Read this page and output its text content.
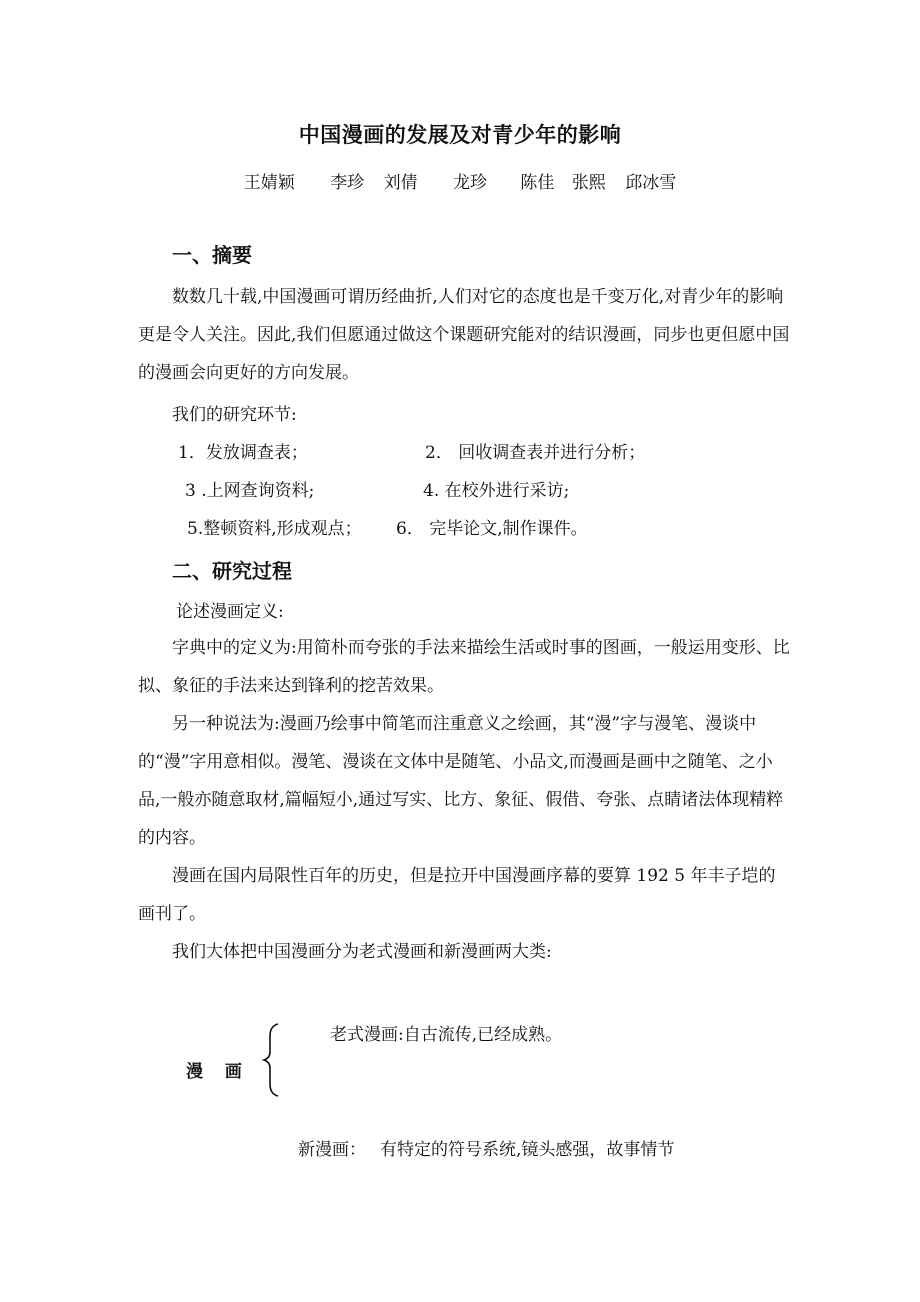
中国漫画的发展及对青少年的影响
王婧颖 李珍 刘倩 龙珍 陈佳 张熙 邱冰雪
一、摘要
数数几十载,中国漫画可谓历经曲折,人们对它的态度也是千变万化,对青少年的影响更是令人关注。因此,我们但愿通过做这个课题研究能对的结识漫画，同步也更但愿中国的漫画会向更好的方向发展。
我们的研究环节:
1．发放调查表；	2． 回收调查表并进行分析；
3 .上网查询资料;	4. 在校外进行采访;
5.整顿资料,形成观点； 6． 完毕论文,制作课件。
二、研究过程
论述漫画定义:
字典中的定义为:用简朴而夸张的手法来描绘生活或时事的图画，一般运用变形、比拟、象征的手法来达到锋利的挖苦效果。
另一种说法为:漫画乃绘事中简笔而注重意义之绘画，其“漫”字与漫笔、漫谈中的“漫”字用意相似。漫笔、漫谈在文体中是随笔、小品文,而漫画是画中之随笔、之小品,一般亦随意取材,篇幅短小,通过写实、比方、象征、假借、夸张、点睛诸法体现精粹的内容。
漫画在国内局限性百年的历史，但是拉开中国漫画序幕的要算 192 5 年丰子垲的画刊了。
我们大体把中国漫画分为老式漫画和新漫画两大类:
漫 画
老式漫画:自古流传,已经成熟。
新漫画： 有特定的符号系统,镜头感强，故事情节
